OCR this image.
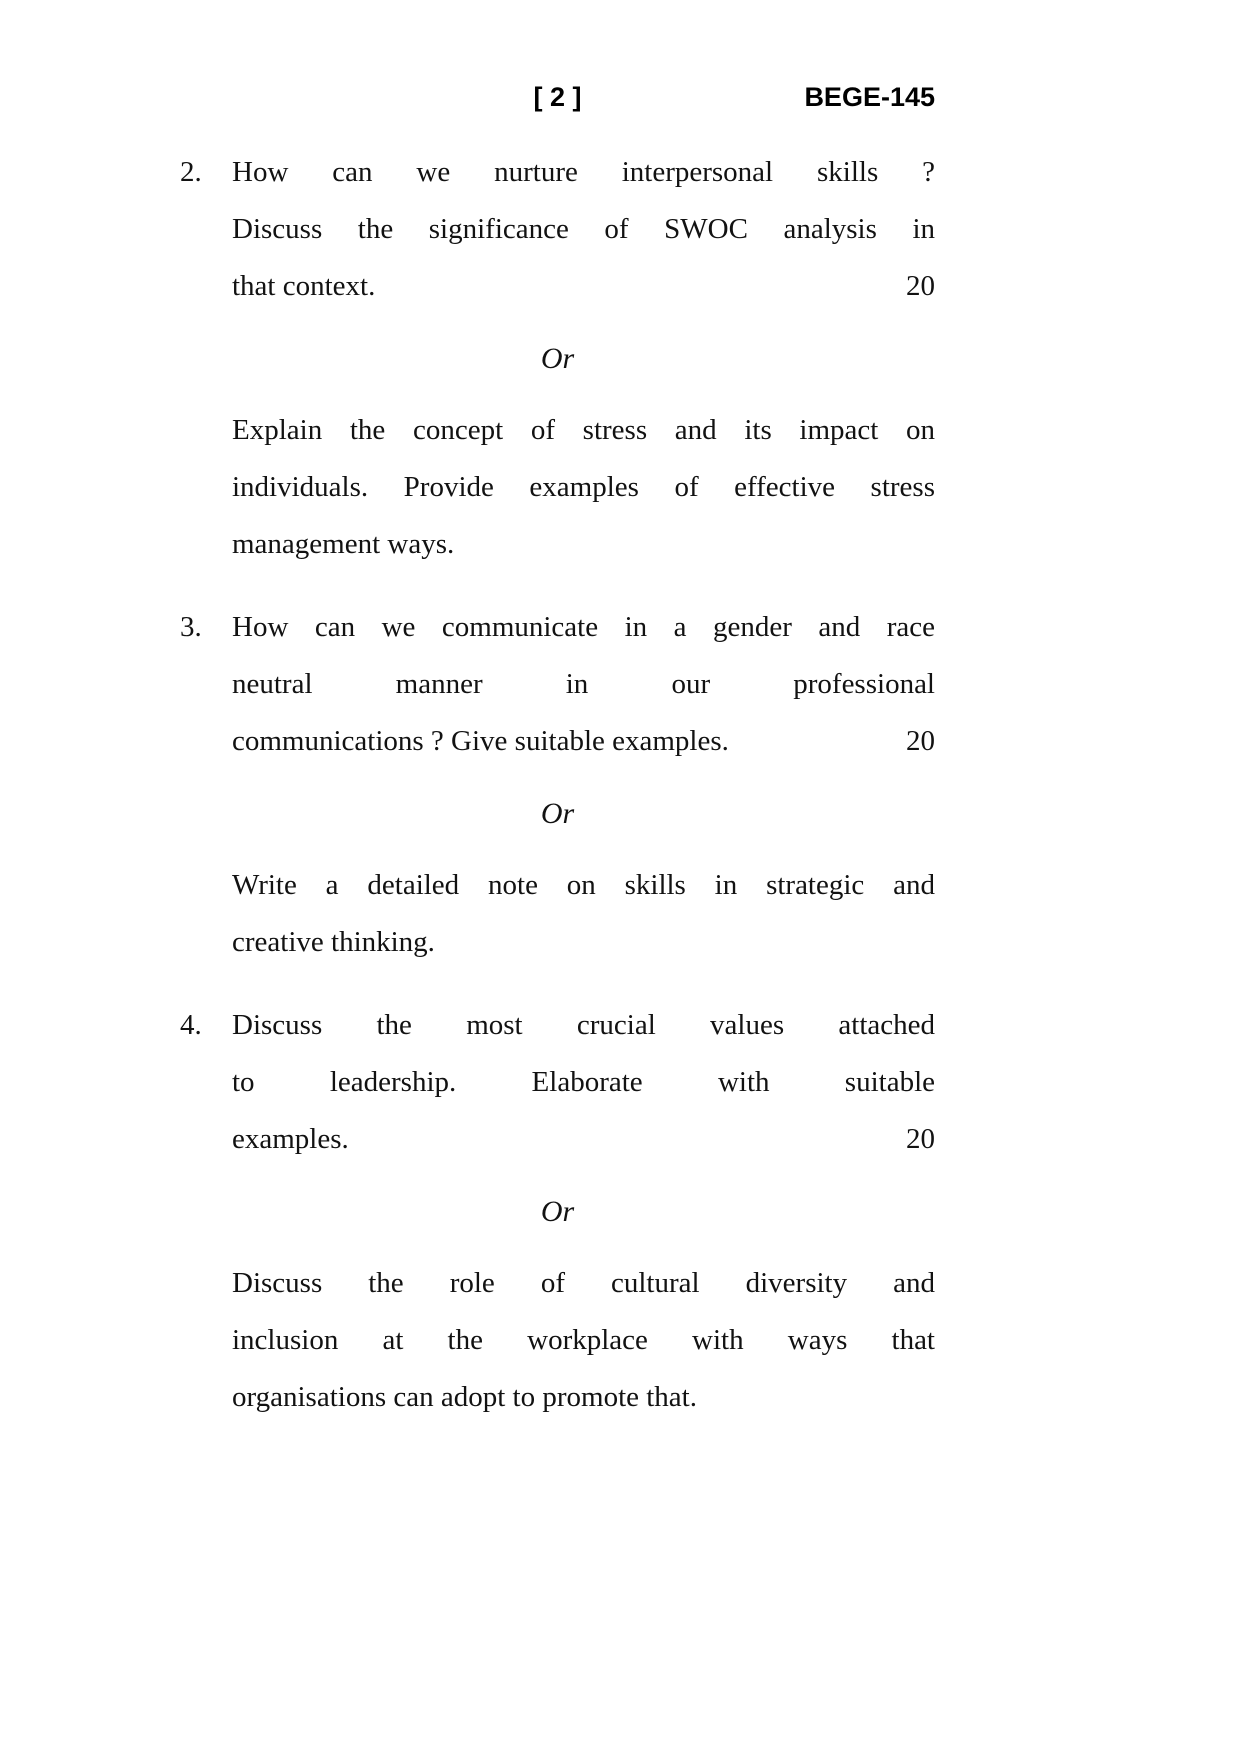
[ 2 ]	BEGE-145
2.	How can we nurture interpersonal skills ?
Discuss the significance of SWOC analysis in
that context.	20
Or
Explain the concept of stress and its impact on
individuals. Provide examples of effective stress
management ways.
3.	How can we communicate in a gender and race
neutral manner in our professional
communications ? Give suitable examples.	20
Or
Write a detailed note on skills in strategic and
creative thinking.
4.	Discuss the most crucial values attached
to leadership. Elaborate with suitable
examples.	20
Or
Discuss the role of cultural diversity and
inclusion at the workplace with ways that
organisations can adopt to promote that.
